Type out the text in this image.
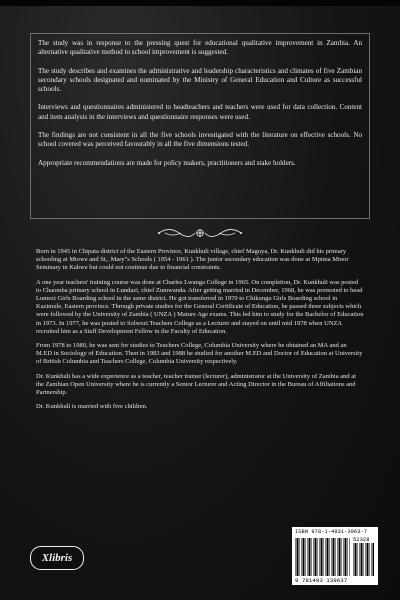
The study was in response to the pressing quest for educational qualitative improvement in Zambia. An alternative qualitative method to school improvement is suggested.

The study describes and examines the administrative and leadership characteristics and climates of five Zambian secondary schools designated and nominated by the Ministry of General Education and Culture as successful schools.

Interviews and questionnaires administered to headteachers and teachers were used for data collection. Content and item analysis in the interviews and questionnaire responses were used.

The findings are not consistent in all the five schools investigated with the literature on effective schools. No school covered was perceived favourably in all the five dimensions tested.

Appropriate recommendations are made for policy makers, practitioners and stake holders.

Born in 1945 in Chipata district of the Eastern Province, Kunkhuli village, chief Maguya, Dr. Kunkhuli did his primary schooling at Mtowe and St,. Mary"s Schools ( 1954 - 1961 ). The junior secondary education was done at Mpima Minor Seminary in Kabwe but could not continue due to financial constraints.

A one year teachers' training course was done at Charles Lwanga College in 1965. On completion, Dr. Kunkhuli was posted to Chaomba primary school in Lundazi, chief Zumwanda. After getting married in December, 1968, he was promoted to head Lumezi Girls Boarding school in the same district. He got transferred in 1970 to Chikungu Girls Boarding school in Kazimule, Eastern province. Through private studies for the General Certificate of Education, he passed three subjects which were followed by the University of Zambia ( UNZA ) Mature Age exams. This led him to study for the Bachelor of Education in 1973. In 1977, he was posted to Solwezi Teachers College as a Lecturer and stayed on until mid 1978 when UNZA recruited him as a Staff Development Fellow in the Faculty of Education.

From 1978 to 1980, he was sent for studies to Teachers College, Columbia University where he obtained an MA and an M.ED in Sociology of Education. Then in 1983 and 1988 he studied for another M.ED and Doctor of Education at University of British Columbia and Teachers College, Columbia University respectively.

Dr. Kunkhuli has a wide experience as a teacher, teacher trainer (lecturer), administrator at the University of Zambia and at the Zambian Open University where he is currently a Senior Lecturer and Acting Director in the Bureau of Affiliations and Partnership.

Dr. Kunkhuli is married with five children.

Xlibris
ISBN 978-1-4931-3963-7
52328
9 781493 139637
